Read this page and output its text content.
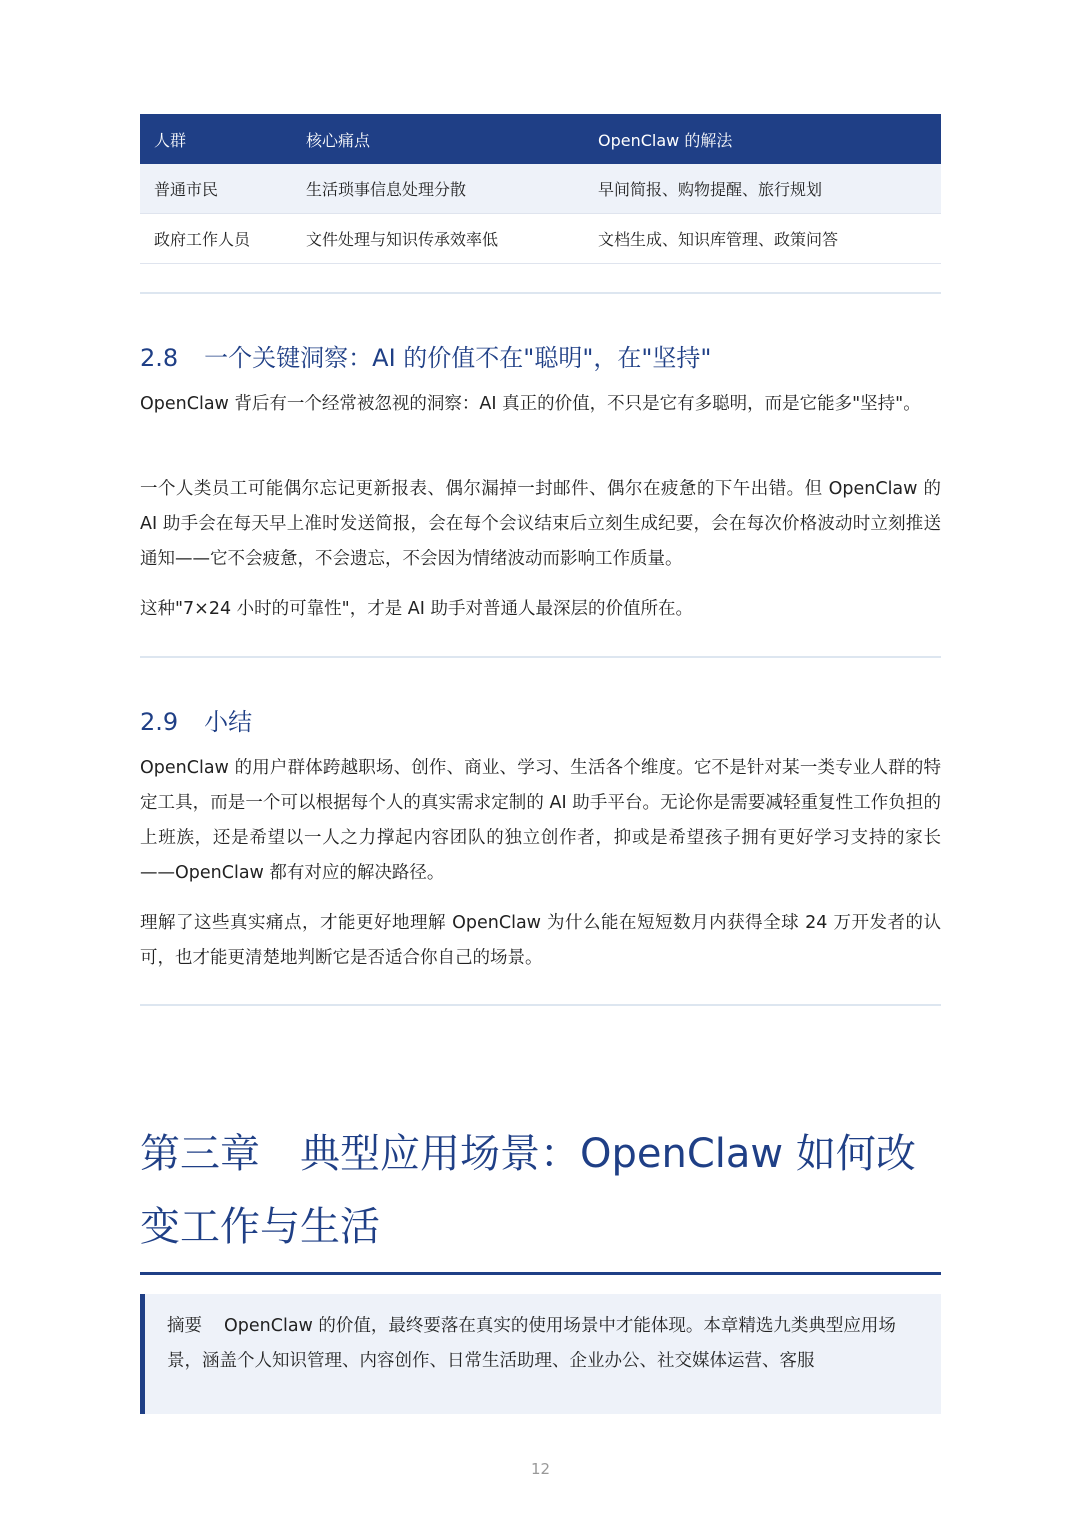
人群	核心痛点	OpenClaw 的解法
普通市民	生活琐事信息处理分散	早间简报、购物提醒、旅行规划
政府工作人员	文件处理与知识传承效率低	文档生成、知识库管理、政策问答
2.8 一个关键洞察：AI 的价值不在"聪明"，在"坚持"

OpenClaw 背后有一个经常被忽视的洞察：AI 真正的价值，不只是它有多聪明，而是它能多"坚持"。

一个人类员工可能偶尔忘记更新报表、偶尔漏掉一封邮件、偶尔在疲惫的下午出错。但 OpenClaw 的 AI 助手会在每天早上准时发送简报，会在每个会议结束后立刻生成纪要，会在每次价格波动时立刻推送通知——它不会疲惫，不会遗忘，不会因为情绪波动而影响工作质量。

这种"7×24 小时的可靠性"，才是 AI 助手对普通人最深层的价值所在。

2.9 小结

OpenClaw 的用户群体跨越职场、创作、商业、学习、生活各个维度。它不是针对某一类专业人群的特定工具，而是一个可以根据每个人的真实需求定制的 AI 助手平台。无论你是需要减轻重复性工作负担的上班族，还是希望以一人之力撑起内容团队的独立创作者，抑或是希望孩子拥有更好学习支持的家长——OpenClaw 都有对应的解决路径。

理解了这些真实痛点，才能更好地理解 OpenClaw 为什么能在短短数月内获得全球 24 万开发者的认可，也才能更清楚地判断它是否适合你自己的场景。

第三章 典型应用场景：OpenClaw 如何改变工作与生活
摘要 OpenClaw 的价值，最终要落在真实的使用场景中才能体现。本章精选九类典型应用场景，涵盖个人知识管理、内容创作、日常生活助理、企业办公、社交媒体运营、客服
12
